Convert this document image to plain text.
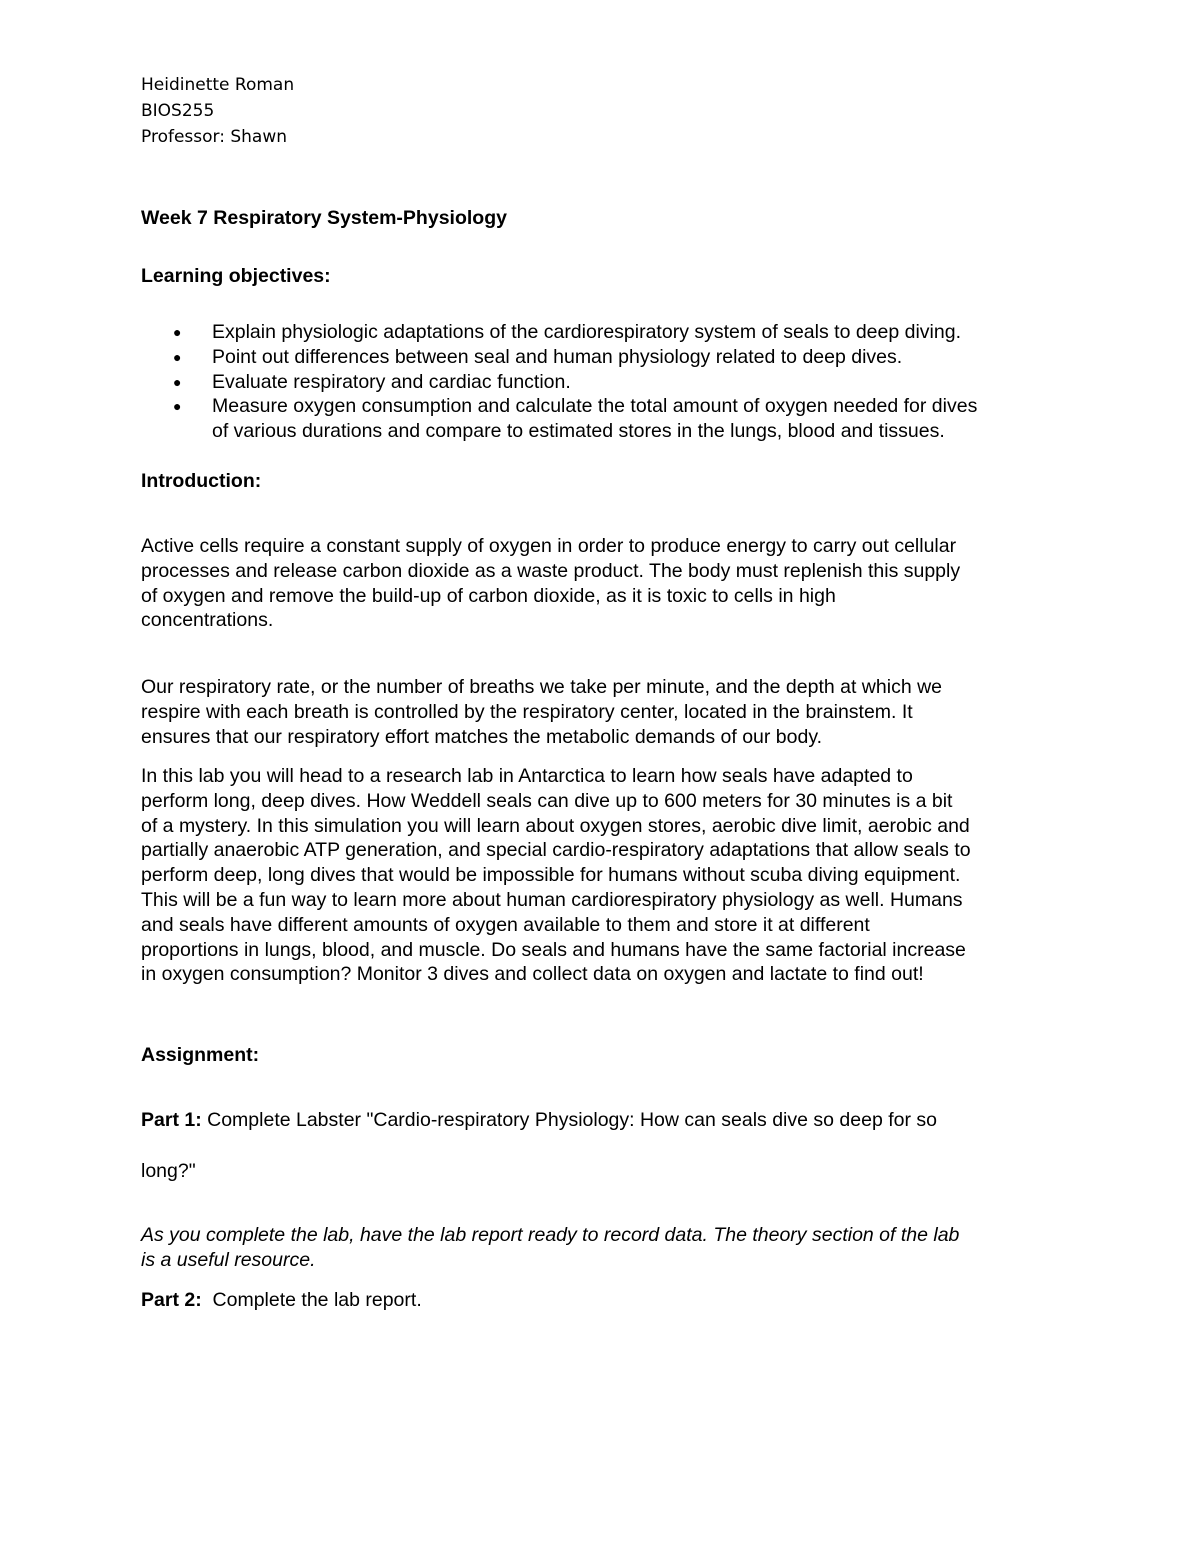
Heidinette Roman
BIOS255
Professor: Shawn
Week 7 Respiratory System-Physiology
Learning objectives:
● Explain physiologic adaptations of the cardiorespiratory system of seals to deep diving.
● Point out differences between seal and human physiology related to deep dives.
● Evaluate respiratory and cardiac function.
● Measure oxygen consumption and calculate the total amount of oxygen needed for dives
of various durations and compare to estimated stores in the lungs, blood and tissues.
Introduction:
Active cells require a constant supply of oxygen in order to produce energy to carry out cellular
processes and release carbon dioxide as a waste product. The body must replenish this supply
of oxygen and remove the build-up of carbon dioxide, as it is toxic to cells in high
concentrations.
Our respiratory rate, or the number of breaths we take per minute, and the depth at which we
respire with each breath is controlled by the respiratory center, located in the brainstem. It
ensures that our respiratory effort matches the metabolic demands of our body.
In this lab you will head to a research lab in Antarctica to learn how seals have adapted to
perform long, deep dives. How Weddell seals can dive up to 600 meters for 30 minutes is a bit
of a mystery. In this simulation you will learn about oxygen stores, aerobic dive limit, aerobic and
partially anaerobic ATP generation, and special cardio-respiratory adaptations that allow seals to
perform deep, long dives that would be impossible for humans without scuba diving equipment.
This will be a fun way to learn more about human cardiorespiratory physiology as well. Humans
and seals have different amounts of oxygen available to them and store it at different
proportions in lungs, blood, and muscle. Do seals and humans have the same factorial increase
in oxygen consumption? Monitor 3 dives and collect data on oxygen and lactate to find out!
Assignment:
Part 1: Complete Labster "Cardio-respiratory Physiology: How can seals dive so deep for so
long?"
As you complete the lab, have the lab report ready to record data. The theory section of the lab
is a useful resource.
Part 2:  Complete the lab report.
